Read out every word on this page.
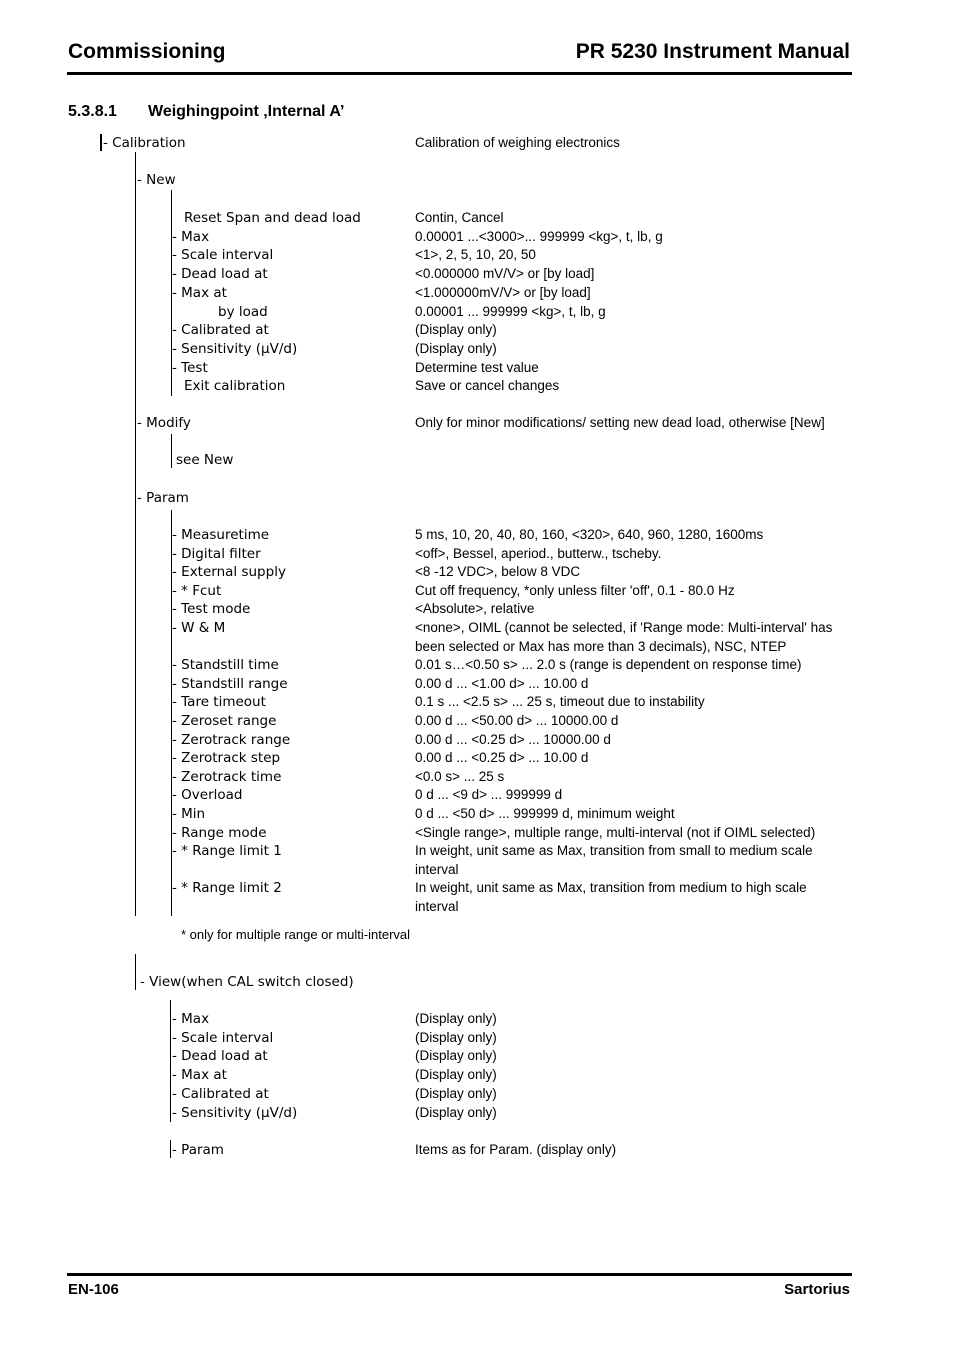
Commissioning	PR 5230 Instrument Manual
5.3.8.1 Weighingpoint ‚Internal A’
- Calibration	Calibration of weighing electronics
- New
Reset Span and dead load	Contin, Cancel
- Max	0.00001 ...<3000>... 999999 <kg>, t, lb, g
- Scale interval	<1>, 2, 5, 10, 20, 50
- Dead load at	<0.000000 mV/V> or [by load]
- Max at	<1.000000mV/V> or [by load]
by load	0.00001 ... 999999 <kg>, t, lb, g
- Calibrated at	(Display only)
- Sensitivity (µV/d)	(Display only)
- Test	Determine test value
Exit calibration	Save or cancel changes
- Modify	Only for minor modifications/ setting new dead load, otherwise [New]
see New
- Param
- Measuretime	5 ms, 10, 20, 40, 80, 160, <320>, 640, 960, 1280, 1600ms
- Digital filter	<off>, Bessel, aperiod., butterw., tscheby.
- External supply	<8 -12 VDC>, below 8 VDC
- * Fcut	Cut off frequency, *only unless filter 'off', 0.1 - 80.0 Hz
- Test mode	<Absolute>, relative
- W & M	<none>, OIML (cannot be selected, if 'Range mode: Multi-interval' has
been selected or Max has more than 3 decimals), NSC, NTEP
- Standstill time	0.01 s…<0.50 s> ... 2.0 s (range is dependent on response time)
- Standstill range	0.00 d ... <1.00 d> ... 10.00 d
- Tare timeout	0.1 s ... <2.5 s> ... 25 s, timeout due to instability
- Zeroset range	0.00 d ... <50.00 d> ... 10000.00 d
- Zerotrack range	0.00 d ... <0.25 d> ... 10000.00 d
- Zerotrack step	0.00 d ... <0.25 d> ... 10.00 d
- Zerotrack time	<0.0 s> ... 25 s
- Overload	0 d ... <9 d> ... 999999 d
- Min	0 d ... <50 d> ... 999999 d, minimum weight
- Range mode	<Single range>, multiple range, multi-interval (not if OIML selected)
- * Range limit 1	In weight, unit same as Max, transition from small to medium scale
interval
- * Range limit 2	In weight, unit same as Max, transition from medium to high scale
interval
* only for multiple range or multi-interval
- View(when CAL switch closed)
- Max	(Display only)
- Scale interval	(Display only)
- Dead load at	(Display only)
- Max at	(Display only)
- Calibrated at	(Display only)
- Sensitivity (µV/d)	(Display only)
- Param	Items as for Param. (display only)
EN-106	Sartorius
